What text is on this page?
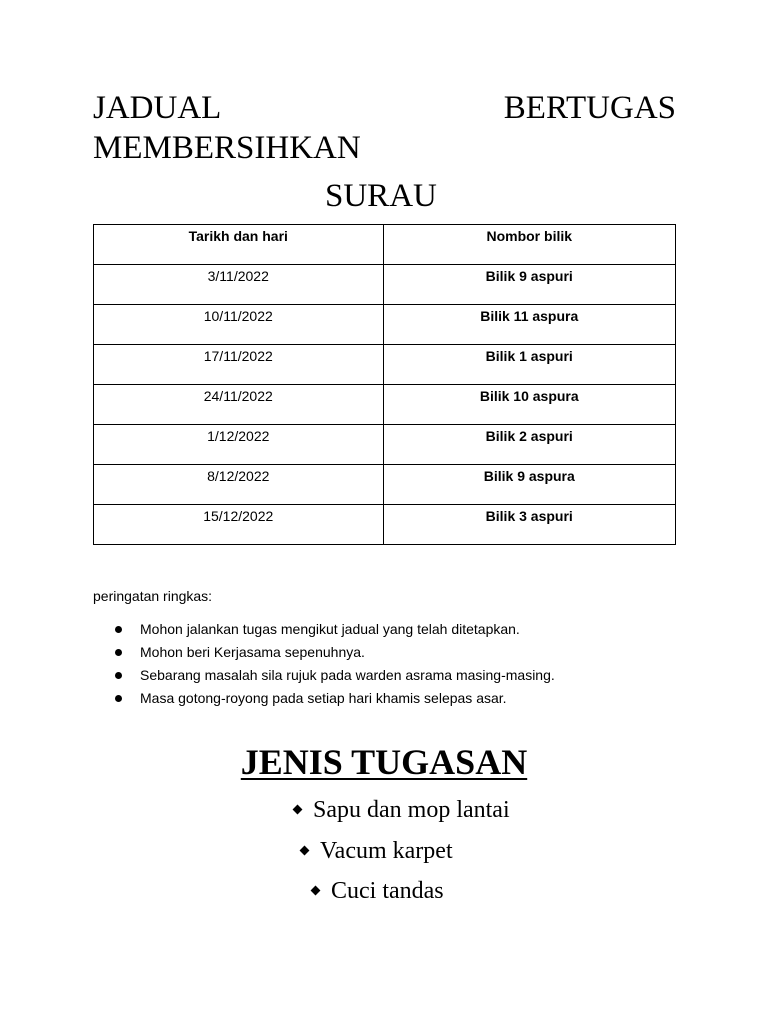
JADUAL	BERTUGAS
MEMBERSIHKAN
SURAU
Tarikh dan hari	Nombor bilik
3/11/2022	Bilik 9 aspuri
10/11/2022	Bilik 11 aspura
17/11/2022	Bilik 1 aspuri
24/11/2022	Bilik 10 aspura
1/12/2022	Bilik 2 aspuri
8/12/2022	Bilik 9 aspura
15/12/2022	Bilik 3 aspuri
peringatan ringkas:
Mohon jalankan tugas mengikut jadual yang telah ditetapkan.
Mohon beri Kerjasama sepenuhnya.
Sebarang masalah sila rujuk pada warden asrama masing-masing.
Masa gotong-royong pada setiap hari khamis selepas asar.
JENIS TUGASAN
Sapu dan mop lantai
Vacum karpet
Cuci tandas
